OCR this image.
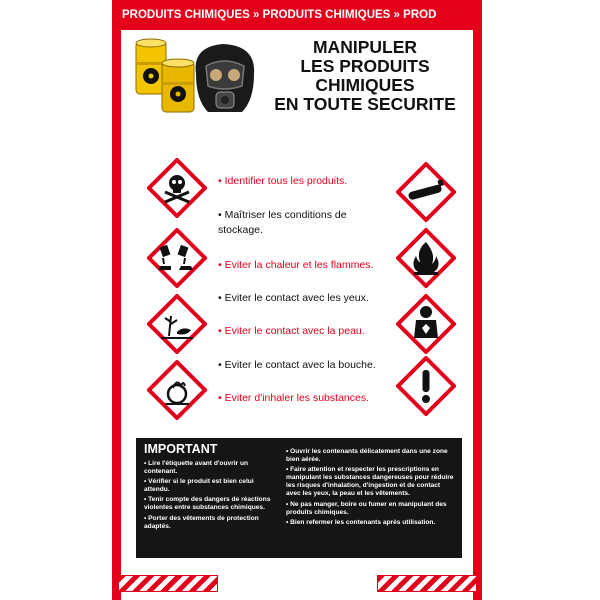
PRODUITS CHIMIQUES » PRODUITS CHIMIQUES » PROD
MANIPULER
LES PRODUITS
CHIMIQUES
EN TOUTE SECURITE
• Identifier tous les produits.
• Maîtriser les conditions de stockage.
• Eviter la chaleur et les flammes.
• Eviter le contact avec les yeux.
• Eviter le contact avec la peau.
• Eviter le contact avec la bouche.
• Eviter d'inhaler les substances.
IMPORTANT

• Lire l'étiquette avant d'ouvrir un contenant.

• Vérifier si le produit est bien celui attendu.

• Tenir compte des dangers de réactions violentes entre substances chimiques.

• Porter des vêtements de protection adaptés.

• Ouvrir les contenants délicatement dans une zone bien aérée.

• Faire attention et respecter les prescriptions en manipulant les substances dangereuses pour réduire les risques d'inhalation, d'ingestion et de contact avec les yeux, la peau et les vêtements.

• Ne pas manger, boire ou fumer en manipulant des produits chimiques.

• Bien refermer les contenants après utilisation.
